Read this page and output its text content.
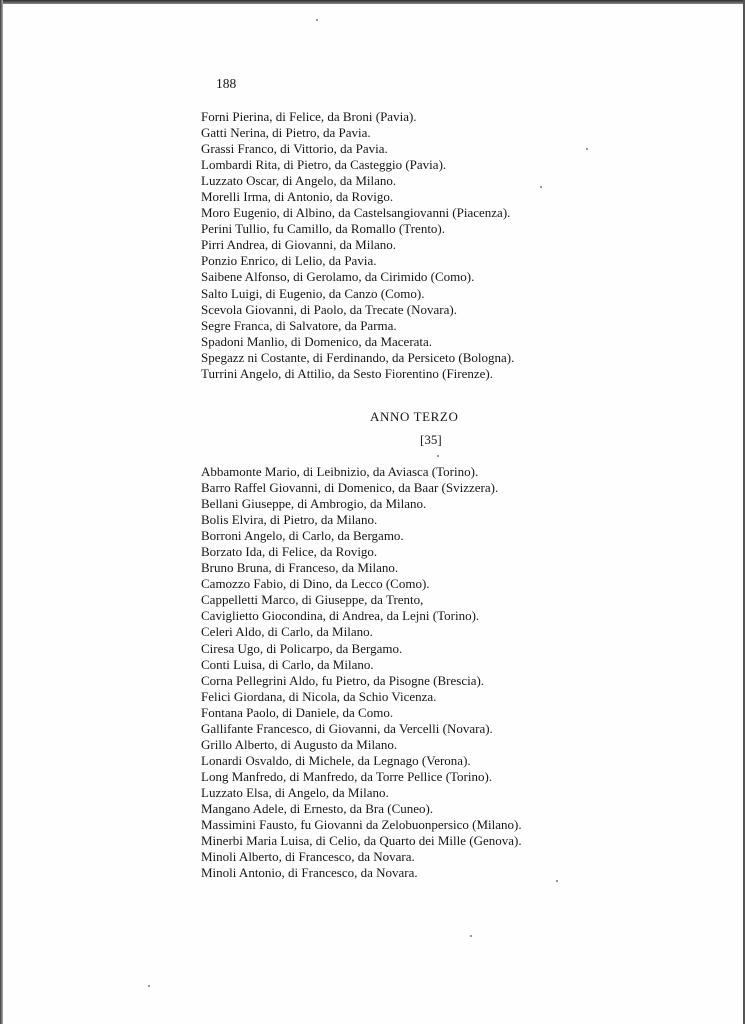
188

Forni Pierina, di Felice, da Broni (Pavia).
Gatti Nerina, di Pietro, da Pavia.
Grassi Franco, di Vittorio, da Pavia.
Lombardi Rita, di Pietro, da Casteggio (Pavia).
Luzzato Oscar, di Angelo, da Milano.
Morelli Irma, di Antonio, da Rovigo.
Moro Eugenio, di Albino, da Castelsangiovanni (Piacenza).
Perini Tullio, fu Camillo, da Romallo (Trento).
Pirri Andrea, di Giovanni, da Milano.
Ponzio Enrico, di Lelio, da Pavia.
Saibene Alfonso, di Gerolamo, da Cirimido (Como).
Salto Luigi, di Eugenio, da Canzo (Como).
Scevola Giovanni, di Paolo, da Trecate (Novara).
Segre Franca, di Salvatore, da Parma.
Spadoni Manlio, di Domenico, da Macerata.
Spegazz ni Costante, di Ferdinando, da Persiceto (Bologna).
Turrini Angelo, di Attilio, da Sesto Fiorentino (Firenze).
ANNO TERZO

[35]

Abbamonte Mario, di Leibnizio, da Aviasca (Torino).
Barro Raffel Giovanni, di Domenico, da Baar (Svizzera).
Bellani Giuseppe, di Ambrogio, da Milano.
Bolis Elvira, di Pietro, da Milano.
Borroni Angelo, di Carlo, da Bergamo.
Borzato Ida, di Felice, da Rovigo.
Bruno Bruna, di Franceso, da Milano.
Camozzo Fabio, di Dino, da Lecco (Como).
Cappelletti Marco, di Giuseppe, da Trento,
Caviglietto Giocondina, di Andrea, da Lejni (Torino).
Celeri Aldo, di Carlo, da Milano.
Ciresa Ugo, di Policarpo, da Bergamo.
Conti Luisa, di Carlo, da Milano.
Corna Pellegrini Aldo, fu Pietro, da Pisogne (Brescia).
Felici Giordana, di Nicola, da Schio Vicenza.
Fontana Paolo, di Daniele, da Como.
Gallifante Francesco, di Giovanni, da Vercelli (Novara).
Grillo Alberto, di Augusto da Milano.
Lonardi Osvaldo, di Michele, da Legnago (Verona).
Long Manfredo, di Manfredo, da Torre Pellice (Torino).
Luzzato Elsa, di Angelo, da Milano.
Mangano Adele, di Ernesto, da Bra (Cuneo).
Massimini Fausto, fu Giovanni da Zelobuonpersico (Milano).
Minerbi Maria Luisa, di Celio, da Quarto dei Mille (Genova).
Minoli Alberto, di Francesco, da Novara.
Minoli Antonio, di Francesco, da Novara.
